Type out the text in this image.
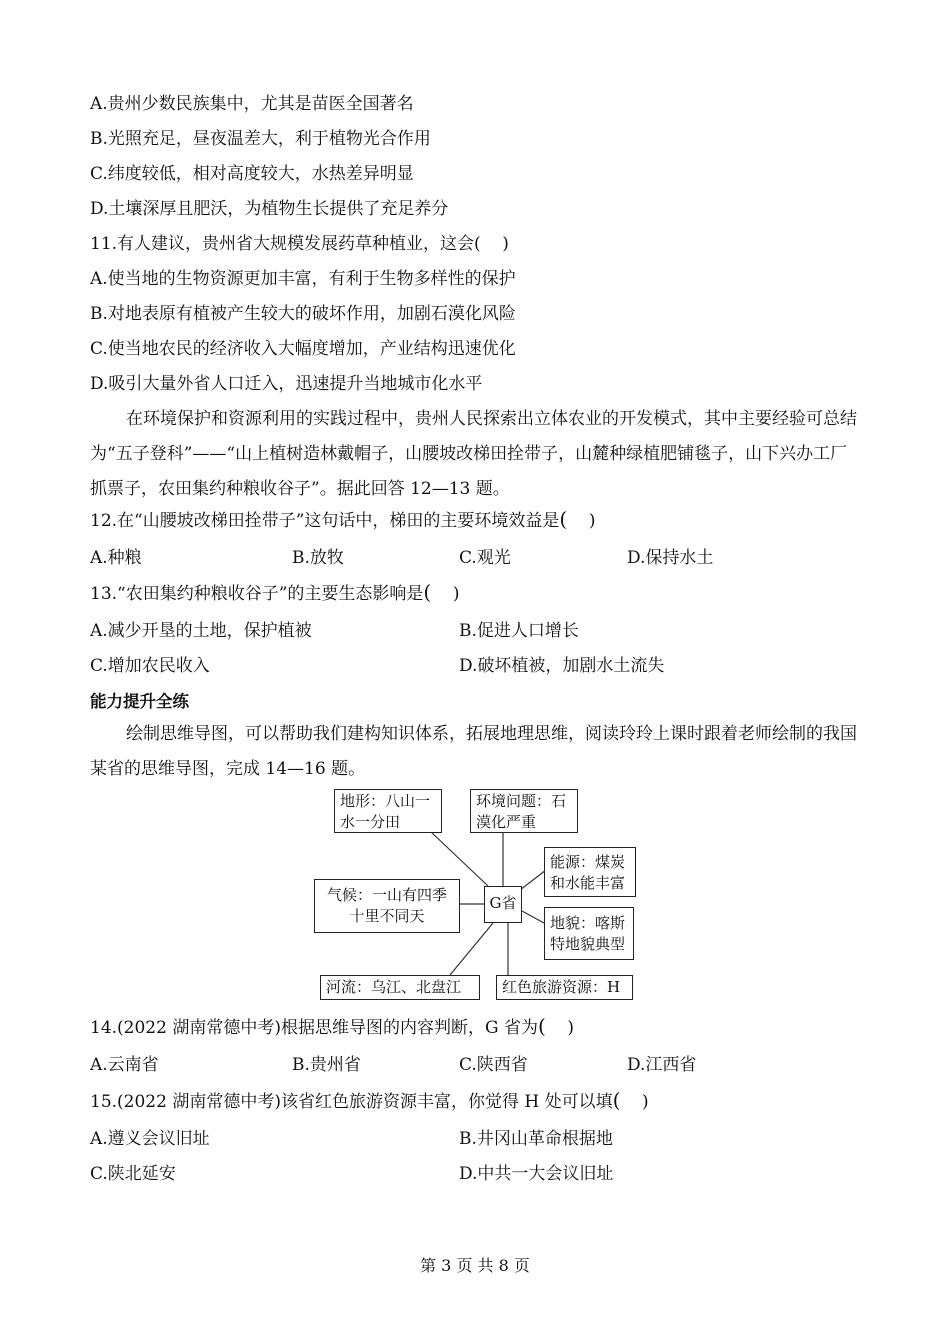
A.贵州少数民族集中，尤其是苗医全国著名
B.光照充足，昼夜温差大，利于植物光合作用
C.纬度较低，相对高度较大，水热差异明显
D.土壤深厚且肥沃，为植物生长提供了充足养分
11.有人建议，贵州省大规模发展药草种植业，这会(    )
A.使当地的生物资源更加丰富，有利于生物多样性的保护
B.对地表原有植被产生较大的破坏作用，加剧石漠化风险
C.使当地农民的经济收入大幅度增加，产业结构迅速优化
D.吸引大量外省人口迁入，迅速提升当地城市化水平
在环境保护和资源利用的实践过程中，贵州人民探索出立体农业的开发模式，其中主要经验可总结为“五子登科”——“山上植树造林戴帽子，山腰坡改梯田拴带子，山麓种绿植肥铺毯子，山下兴办工厂抓票子，农田集约种粮收谷子”。据此回答 12—13 题。
12.在“山腰坡改梯田拴带子”这句话中，梯田的主要环境效益是(    )
A.种粮	B.放牧	C.观光	D.保持水土
13.“农田集约种粮收谷子”的主要生态影响是(    )
A.减少开垦的土地，保护植被	B.促进人口增长
C.增加农民收入	D.破坏植被，加剧水土流失
能力提升全练
绘制思维导图，可以帮助我们建构知识体系，拓展地理思维，阅读玲玲上课时跟着老师绘制的我国某省的思维导图，完成 14—16 题。
地形：八山一
水一分田
环境问题：石
漠化严重
能源：煤炭
和水能丰富
气候：一山有四季
十里不同天
G省
地貌：喀斯
特地貌典型
河流：乌江、北盘江	红色旅游资源：H
14.(2022 湖南常德中考)根据思维导图的内容判断，G 省为(    )
A.云南省	B.贵州省	C.陕西省	D.江西省
15.(2022 湖南常德中考)该省红色旅游资源丰富，你觉得 H 处可以填(    )
A.遵义会议旧址	B.井冈山革命根据地
C.陕北延安	D.中共一大会议旧址
第 3 页 共 8 页
